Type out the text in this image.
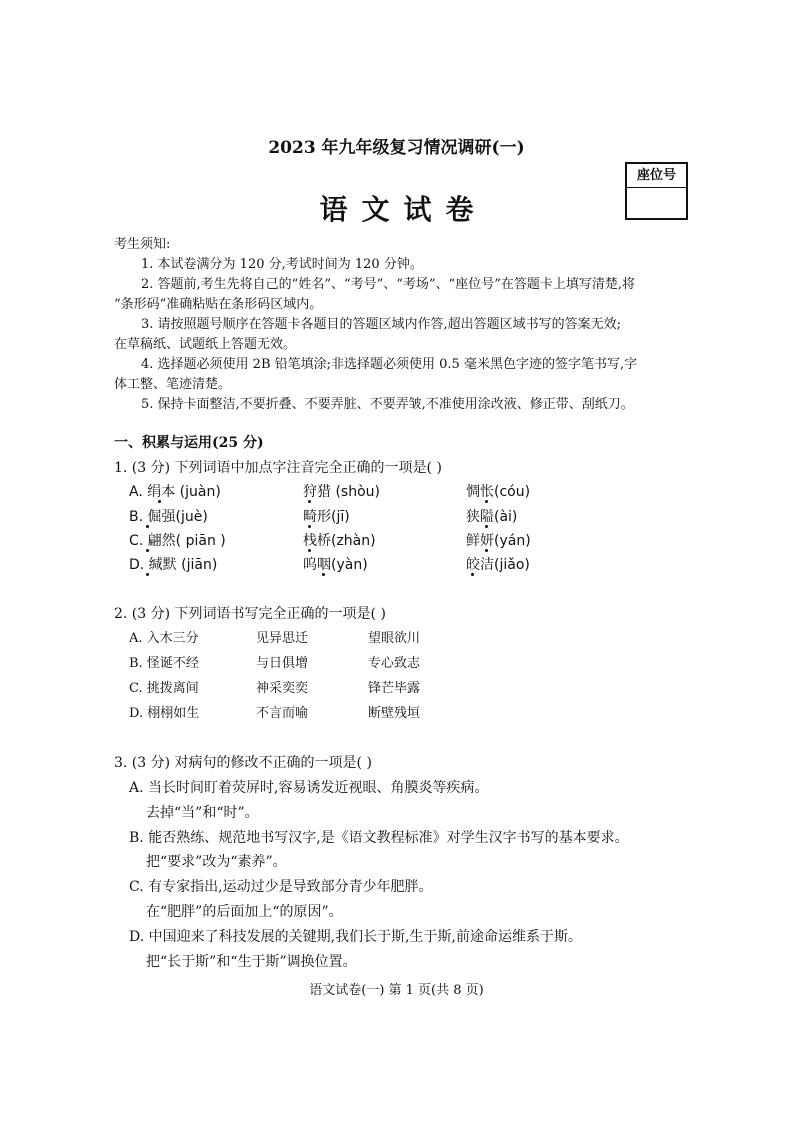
2023 年九年级复习情况调研(一)
座位号
语文试卷
考生须知:
1. 本试卷满分为 120 分,考试时间为 120 分钟。
2. 答题前,考生先将自己的“姓名”、“考号”、“考场”、“座位号”在答题卡上填写清楚,将
“条形码”准确粘贴在条形码区域内。
3. 请按照题号顺序在答题卡各题目的答题区域内作答,超出答题区域书写的答案无效;
在草稿纸、试题纸上答题无效。
4. 选择题必须使用 2B 铅笔填涂;非选择题必须使用 0.5 毫米黑色字迹的签字笔书写,字
体工整、笔迹清楚。
5. 保持卡面整洁,不要折叠、不要弄脏、不要弄皱,不准使用涂改液、修正带、刮纸刀。
一、积累与运用(25 分)
1. (3 分) 下列词语中加点字注音完全正确的一项是( )
A. 绢本 (juàn)	狩猎 (shòu)	惆怅(cóu)
B. 倔强(juè)	畸形(jī)	狭隘(ài)
C. 翩然( piān )	栈桥(zhàn)	鲜妍(yán)
D. 缄默 (jiān)	呜咽(yàn)	皎洁(jiǎo)
2. (3 分) 下列词语书写完全正确的一项是( )
A. 入木三分	见异思迁	望眼欲川
B. 怪诞不经	与日俱增	专心致志
C. 挑拨离间	神采奕奕	锋芒毕露
D. 栩栩如生	不言而喻	断壁残垣
3. (3 分) 对病句的修改不正确的一项是( )
A. 当长时间盯着荧屏时,容易诱发近视眼、角膜炎等疾病。
去掉“当”和“时”。
B. 能否熟练、规范地书写汉字,是《语文教程标准》对学生汉字书写的基本要求。
把“要求”改为“素养”。
C. 有专家指出,运动过少是导致部分青少年肥胖。
在“肥胖”的后面加上“的原因”。
D. 中国迎来了科技发展的关键期,我们长于斯,生于斯,前途命运维系于斯。
把“长于斯”和“生于斯”调换位置。
语文试卷(一) 第 1 页(共 8 页)
